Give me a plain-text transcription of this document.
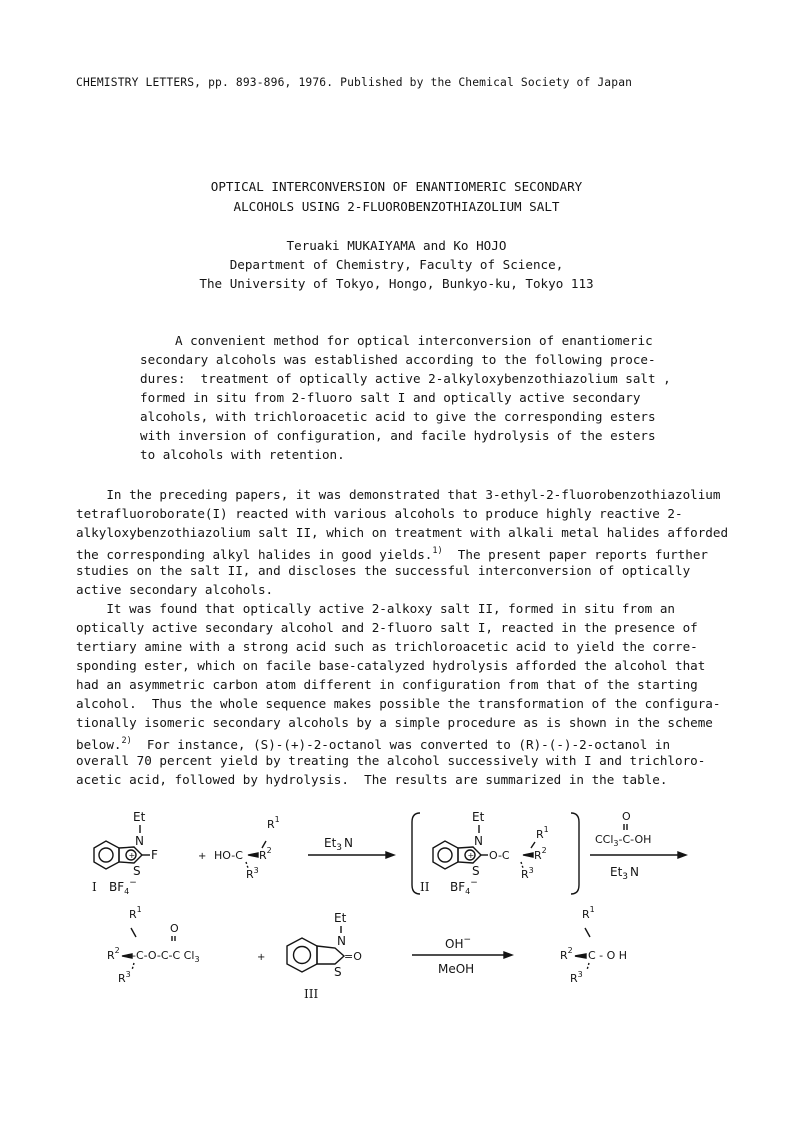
CHEMISTRY LETTERS, pp. 893-896, 1976. Published by the Chemical Society of Japan
OPTICAL INTERCONVERSION OF ENANTIOMERIC SECONDARY
ALCOHOLS USING 2-FLUOROBENZOTHIAZOLIUM SALT
Teruaki MUKAIYAMA and Ko HOJO
Department of Chemistry, Faculty of Science,
The University of Tokyo, Hongo, Bunkyo-ku, Tokyo 113
A convenient method for optical interconversion of enantiomeric
secondary alcohols was established according to the following proce-
dures:  treatment of optically active 2-alkyloxybenzothiazolium salt ,
formed in situ from 2-fluoro salt I and optically active secondary
alcohols, with trichloroacetic acid to give the corresponding esters
with inversion of configuration, and facile hydrolysis of the esters
to alcohols with retention.
In the preceding papers, it was demonstrated that 3-ethyl-2-fluorobenzothiazolium
tetrafluoroborate(I) reacted with various alcohols to produce highly reactive 2-
alkyloxybenzothiazolium salt II, which on treatment with alkali metal halides afforded
the corresponding alkyl halides in good yields.$^{1)}$  The present paper reports further
studies on the salt II, and discloses the successful interconversion of optically
active secondary alcohols.
It was found that optically active 2-alkoxy salt II, formed in situ from an
optically active secondary alcohol and 2-fluoro salt I, reacted in the presence of
tertiary amine with a strong acid such as trichloroacetic acid to yield the corre-
sponding ester, which on facile base-catalyzed hydrolysis afforded the alcohol that
had an asymmetric carbon atom different in configuration from that of the starting
alcohol.  Thus the whole sequence makes possible the transformation of the configura-
tionally isomeric secondary alcohols by a simple procedure as is shown in the scheme
below.$^{2)}$  For instance, (S)-(+)-2-octanol was converted to (R)-(-)-2-octanol in
overall 70 percent yield by treating the alcohol successively with I and trichloro-
acetic acid, followed by hydrolysis.  The results are summarized in the table.
Et
N
+ F
S
I $BF_4^-$
+
$R^1$
HO-C $R^2$
$R^3$
$Et_3$ N
Et
N
+ O-C
$R^1$
$R^2$
$R^3$
S
II $BF_4^-$
O
CCl$_3$-C-OH
$Et_3$ N
$R^1$
O
$R^2$ -C-O-C-C $Cl_3$
$R^3$
+
Et
N
=O
S
III
OH−
MeOH
$R^1$
$R^2$ C - O H
$R^3$
